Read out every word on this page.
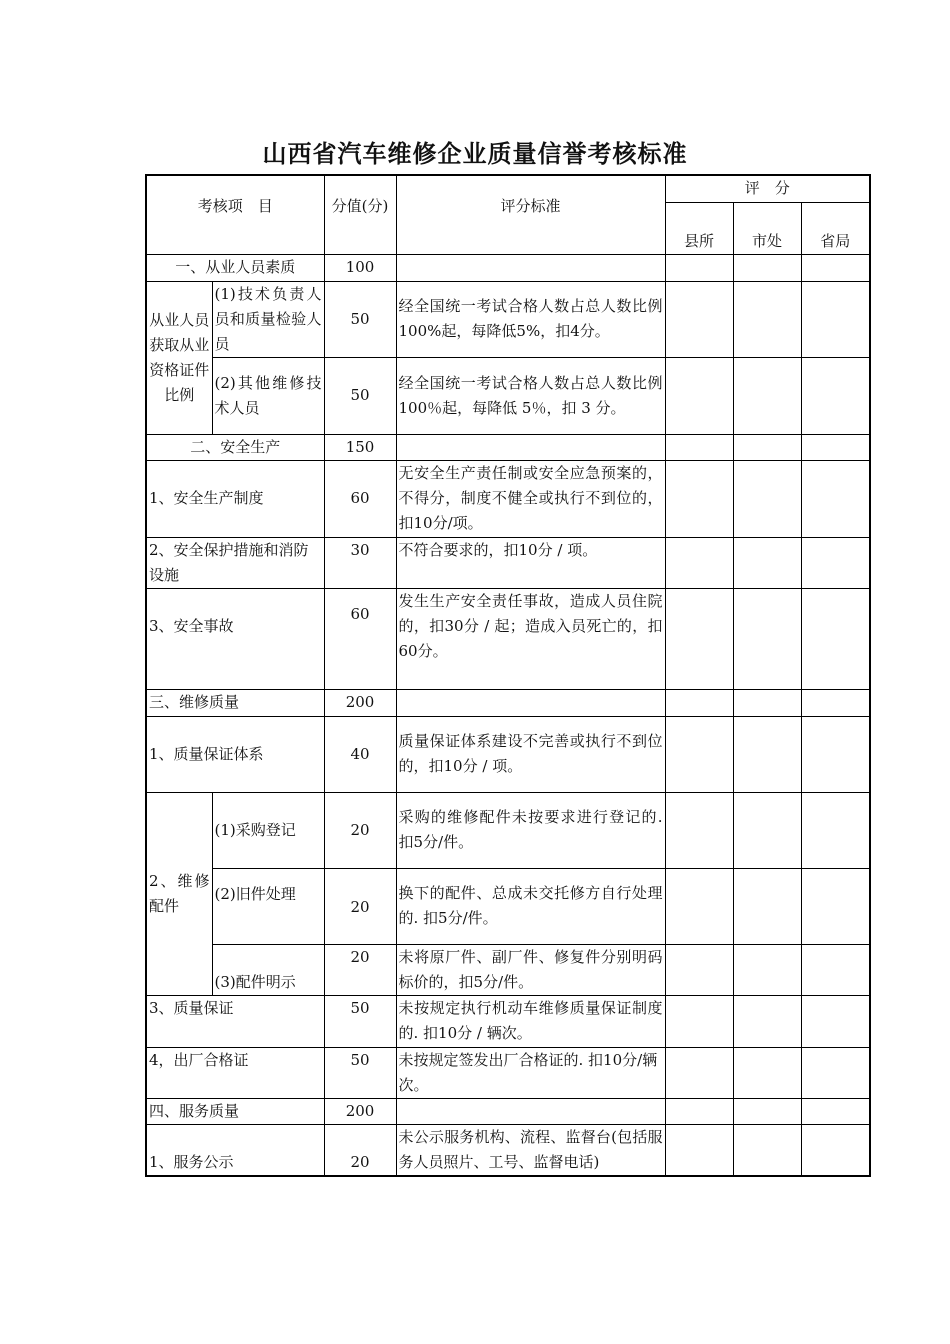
山西省汽车维修企业质量信誉考核标准
考核项　目		分值(分)	评分标准	评　分		
				县所	市处	省局
一、从业人员素质		100				
从业人员获取从业资格证件比例	(1)技术负责人员和质量检验人员	50	经全国统一考试合格人数占总人数比例100%起，每降低5%，扣4分。			
	(2)其他维修技术人员	50	经全国统一考试合格人数占总人数比例 100％起，每降低 5％，扣 3 分。			
二、安全生产		150				
1、安全生产制度		60	无安全生产责任制或安全应急预案的，不得分，制度不健全或执行不到位的，扣10分/项。			
2、安全保护措施和消防设施		30	不符合要求的，扣10分 / 项。			
3、安全事故		60	发生生产安全责任事故，造成人员住院的，扣30分 / 起；造成入员死亡的，扣60分。			
三、维修质量		200				
1、质量保证体系		40	质量保证体系建设不完善或执行不到位的，扣10分 / 项。			
2、维修配件	(1)采购登记	20	采购的维修配件未按要求进行登记的. 扣5分/件。			
	(2)旧件处理	20	换下的配件、总成未交托修方自行处理的. 扣5分/件。			
	(3)配件明示	20	未将原厂件、副厂件、修复件分别明码标价的，扣5分/件。			
3、质量保证		50	未按规定执行机动车维修质量保证制度的. 扣10分 / 辆次。			
4，出厂合格证		50	未按规定签发出厂合格证的. 扣10分/辆次。			
四、服务质量		200				
1、服务公示		20	未公示服务机构、流程、监督台(包括服务人员照片、工号、监督电话)			
